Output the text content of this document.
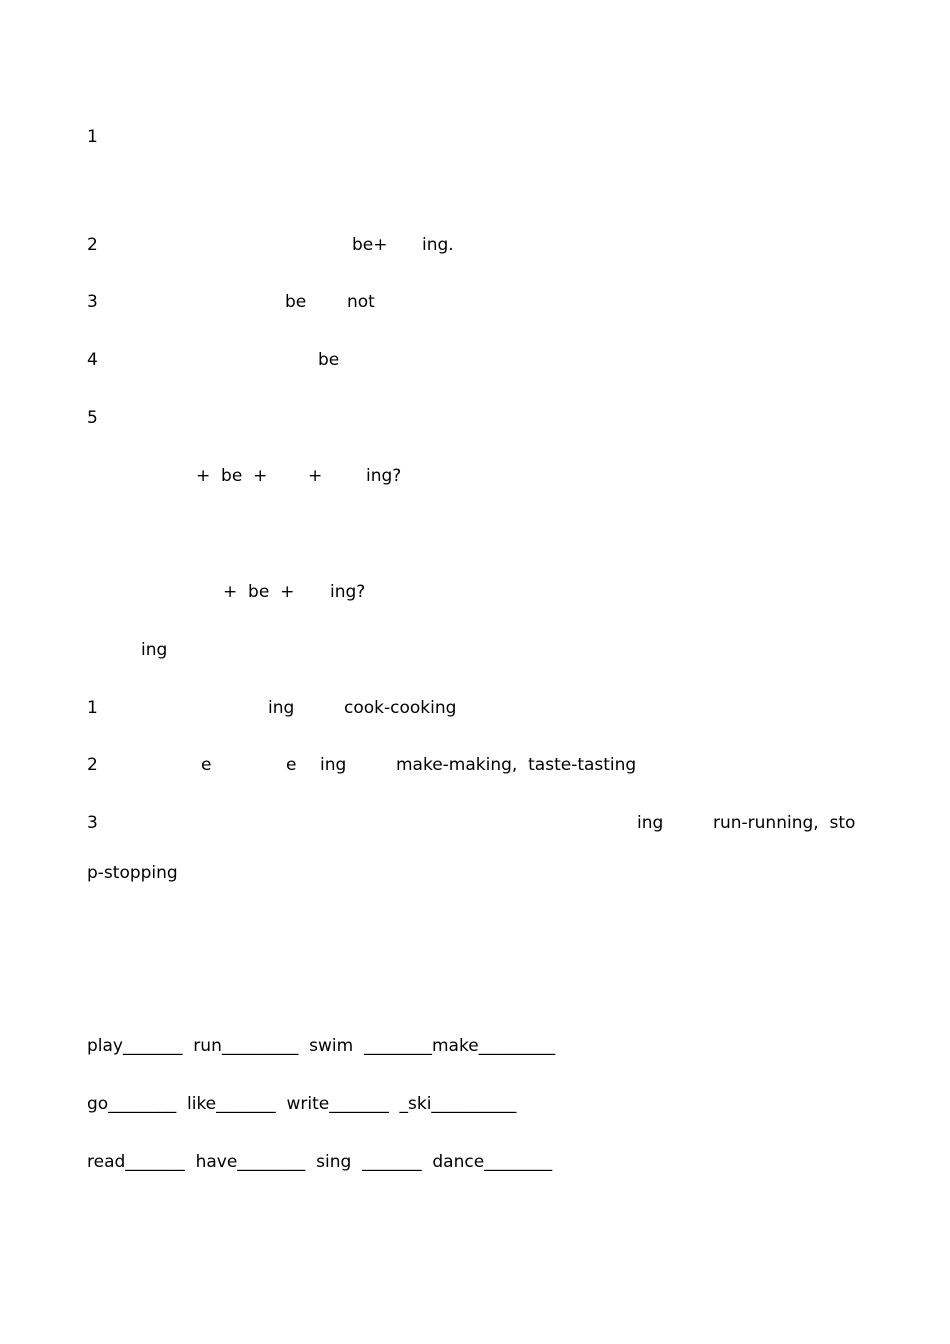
1
2	be+ ing.
3	be not
4	be
5
+  be  + +	ing?
+  be  + ing?
ing
1	ing	cook-cooking
2	e	e ing	make-making,  taste-tasting
3	ing	run-running,  sto
p-stopping
play_______  run_________  swim  ________make_________
go________  like_______  write_______  _ski__________
read_______  have________  sing  _______  dance________
